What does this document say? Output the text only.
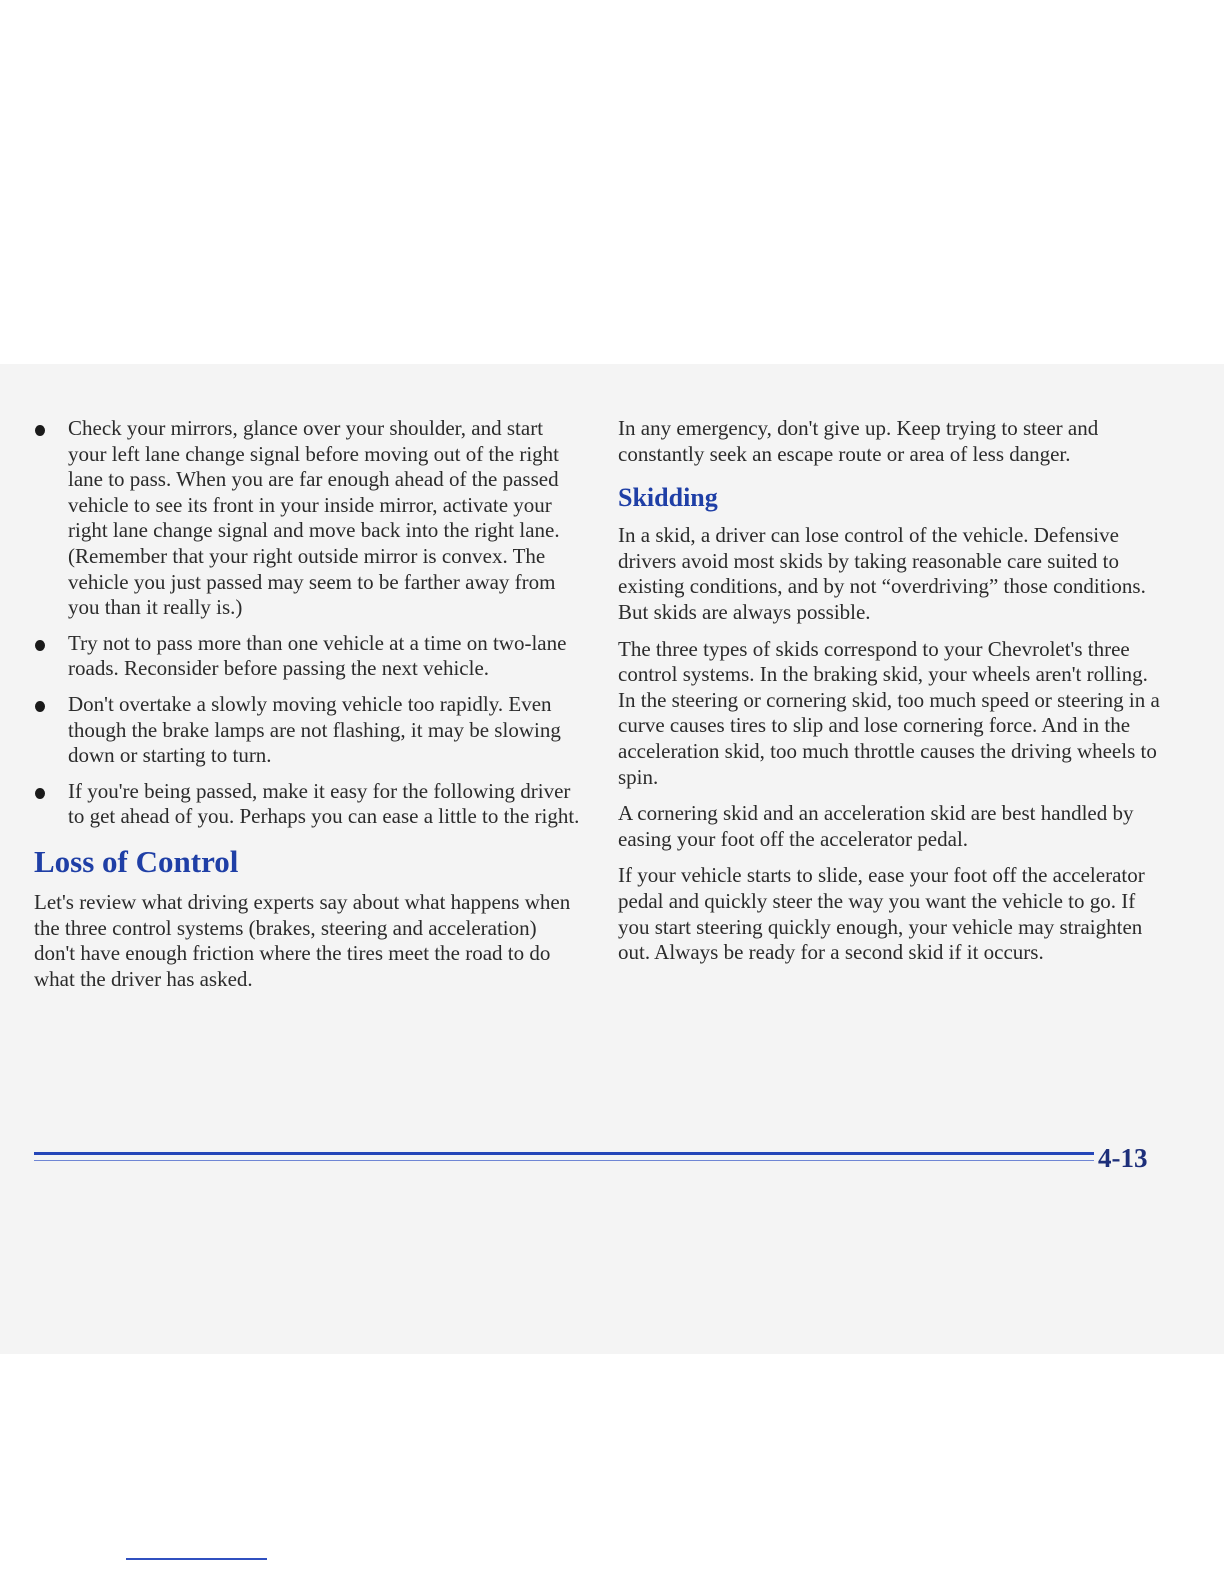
Check your mirrors, glance over your shoulder, and start your left lane change signal before moving out of the right lane to pass. When you are far enough ahead of the passed vehicle to see its front in your inside mirror, activate your right lane change signal and move back into the right lane. (Remember that your right outside mirror is convex. The vehicle you just passed may seem to be farther away from you than it really is.)
Try not to pass more than one vehicle at a time on two-lane roads. Reconsider before passing the next vehicle.
Don't overtake a slowly moving vehicle too rapidly. Even though the brake lamps are not flashing, it may be slowing down or starting to turn.
If you're being passed, make it easy for the following driver to get ahead of you. Perhaps you can ease a little to the right.
Loss of Control

Let's review what driving experts say about what happens when the three control systems (brakes, steering and acceleration) don't have enough friction where the tires meet the road to do what the driver has asked.

In any emergency, don't give up. Keep trying to steer and constantly seek an escape route or area of less danger.

Skidding

In a skid, a driver can lose control of the vehicle. Defensive drivers avoid most skids by taking reasonable care suited to existing conditions, and by not “overdriving” those conditions. But skids are always possible.

The three types of skids correspond to your Chevrolet's three control systems. In the braking skid, your wheels aren't rolling. In the steering or cornering skid, too much speed or steering in a curve causes tires to slip and lose cornering force. And in the acceleration skid, too much throttle causes the driving wheels to spin.

A cornering skid and an acceleration skid are best handled by easing your foot off the accelerator pedal.

If your vehicle starts to slide, ease your foot off the accelerator pedal and quickly steer the way you want the vehicle to go. If you start steering quickly enough, your vehicle may straighten out. Always be ready for a second skid if it occurs.

4-13
